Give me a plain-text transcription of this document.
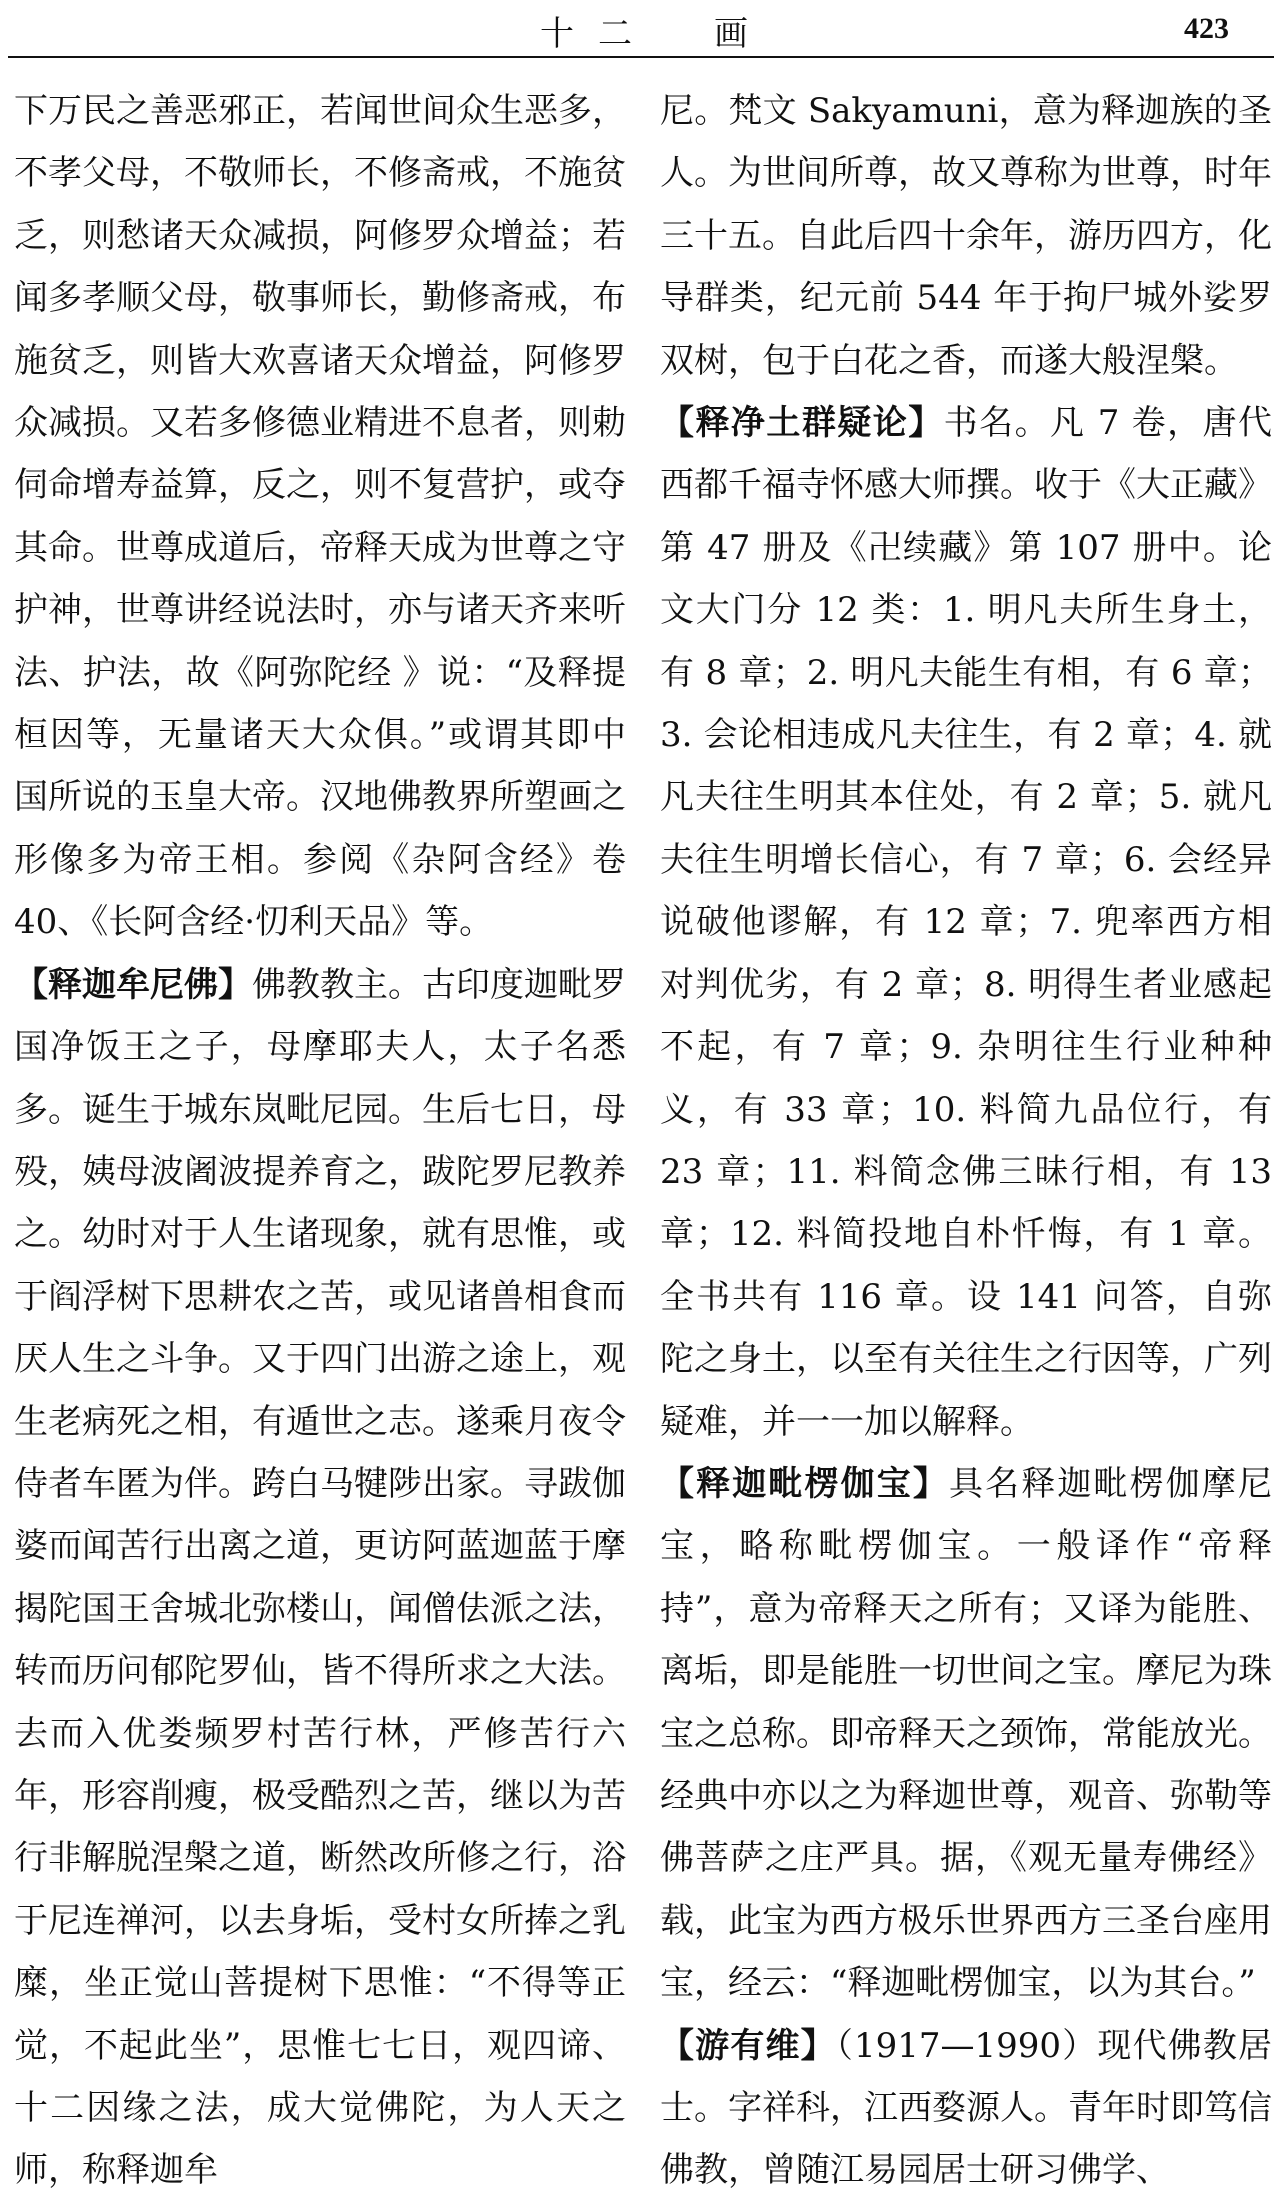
十二　画	423

下万民之善恶邪正，若闻世间众生恶多，不孝父母，不敬师长，不修斋戒，不施贫乏，则愁诸天众减损，阿修罗众增益；若闻多孝顺父母，敬事师长，勤修斋戒，布施贫乏，则皆大欢喜诸天众增益，阿修罗众减损。又若多修德业精进不息者，则勅伺命增寿益算，反之，则不复营护，或夺其命。世尊成道后，帝释天成为世尊之守护神，世尊讲经说法时，亦与诸天齐来听法、护法，故《阿弥陀经 》说：“及释提桓因等，无量诸天大众俱。”或谓其即中国所说的玉皇大帝。汉地佛教界所塑画之形像多为帝王相。参阅《杂阿含经》卷 40、《长阿含经·忉利天品》等。

【释迦牟尼佛】佛教教主。古印度迦毗罗国净饭王之子，母摩耶夫人，太子名悉多。诞生于城东岚毗尼园。生后七日，母殁，姨母波阇波提养育之，跋陀罗尼教养之。幼时对于人生诸现象，就有思惟，或于阎浮树下思耕农之苦，或见诸兽相食而厌人生之斗争。又于四门出游之途上，观生老病死之相，有遁世之志。遂乘月夜令侍者车匿为伴。跨白马犍陟出家。寻跋伽婆而闻苦行出离之道，更访阿蓝迦蓝于摩揭陀国王舍城北弥楼山，闻僧佉派之法，转而历问郁陀罗仙，皆不得所求之大法。去而入优娄频罗村苦行林，严修苦行六年，形容削瘦，极受酷烈之苦，继以为苦行非解脱涅槃之道，断然改所修之行，浴于尼连禅河，以去身垢，受村女所捧之乳糜，坐正觉山菩提树下思惟：“不得等正觉，不起此坐”，思惟七七日，观四谛、十二因缘之法，成大觉佛陀，为人天之师，称释迦牟

尼。梵文 Sakyamuni，意为释迦族的圣人。为世间所尊，故又尊称为世尊，时年三十五。自此后四十余年，游历四方，化导群类，纪元前 544 年于拘尸城外娑罗双树，包于白花之香，而遂大般涅槃。

【释净土群疑论】书名。凡 7 卷，唐代西都千福寺怀感大师撰。收于《大正藏》第 47 册及《卍续藏》第 107 册中。论文大门分 12 类：1. 明凡夫所生身土，有 8 章；2. 明凡夫能生有相，有 6 章；3. 会论相违成凡夫往生，有 2 章；4. 就凡夫往生明其本住处，有 2 章；5. 就凡夫往生明增长信心，有 7 章；6. 会经异说破他谬解，有 12 章；7. 兜率西方相对判优劣，有 2 章；8. 明得生者业感起不起，有 7 章；9. 杂明往生行业种种义，有 33 章；10. 料简九品位行，有 23 章；11. 料简念佛三昧行相，有 13 章；12. 料简投地自朴忏悔，有 1 章。全书共有 116 章。设 141 问答，自弥陀之身土，以至有关往生之行因等，广列疑难，并一一加以解释。

【释迦毗楞伽宝】具名释迦毗楞伽摩尼宝，略称毗楞伽宝。一般译作“帝释持”，意为帝释天之所有；又译为能胜、离垢，即是能胜一切世间之宝。摩尼为珠宝之总称。即帝释天之颈饰，常能放光。经典中亦以之为释迦世尊，观音、弥勒等佛菩萨之庄严具。据，《观无量寿佛经》载，此宝为西方极乐世界西方三圣台座用宝，经云：“释迦毗楞伽宝，以为其台。”

【游有维】（1917—1990）现代佛教居士。字祥科，江西婺源人。青年时即笃信佛教，曾随江易园居士研习佛学、
